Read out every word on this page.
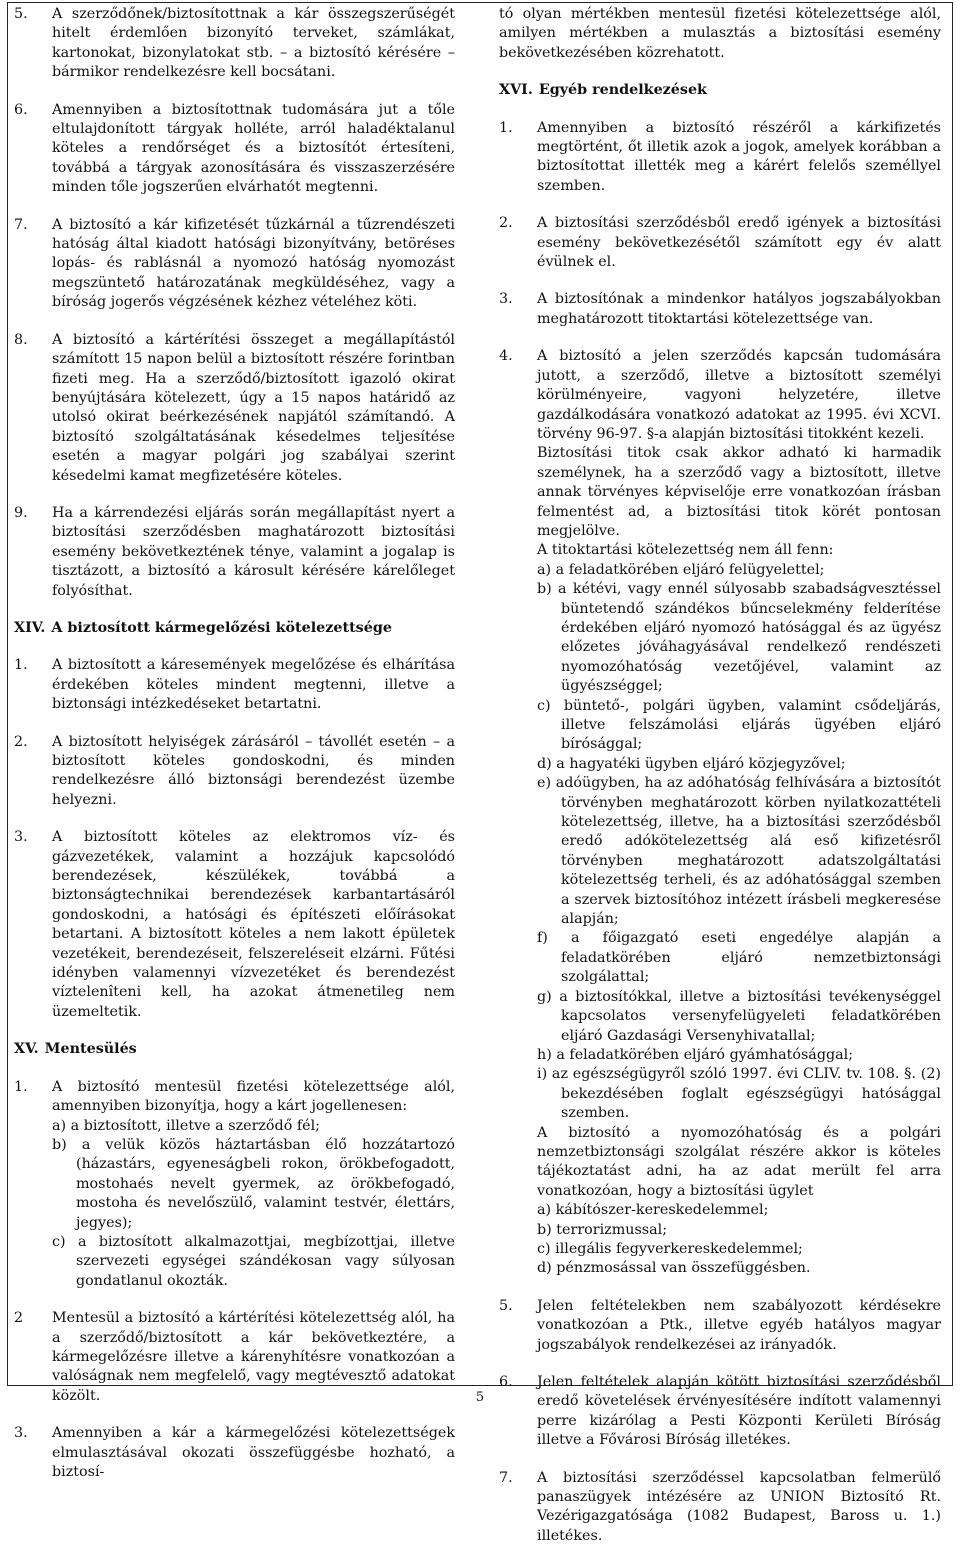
5.	A szerződőnek/biztosítottnak a kár összegszerűségét hitelt érdemlően bizonyító terveket, számlákat, kartonokat, bizonylatokat stb. – a biztosító kérésére – bármikor rendelkezésre kell bocsátani.
6.	Amennyiben a biztosítottnak tudomására jut a tőle eltulajdonított tárgyak holléte, arról haladéktalanul köteles a rendőrséget és a biztosítót értesíteni, továbbá a tárgyak azonosítására és visszaszerzésére minden tőle jogszerűen elvárhatót megtenni.
7.	A biztosító a kár kifizetését tűzkárnál a tűzrendészeti hatóság által kiadott hatósági bizonyítvány, betöréses lopás- és rablásnál a nyomozó hatóság nyomozást megszüntető határozatának megküldéséhez, vagy a bíróság jogerős végzésének kézhez vételéhez köti.
8.	A biztosító a kártérítési összeget a megállapítástól számított 15 napon belül a biztosított részére forintban fizeti meg. Ha a szerződő/biztosított igazoló okirat benyújtására kötelezett, úgy a 15 napos határidő az utolsó okirat beérkezésének napjától számítandó. A biztosító szolgáltatásának késedelmes teljesítése esetén a magyar polgári jog szabályai szerint késedelmi kamat megfizetésére köteles.
9.	Ha a kárrendezési eljárás során megállapítást nyert a biztosítási szerződésben maghatározott biztosítási esemény bekövetkeztének ténye, valamint a jogalap is tisztázott, a biztosító a károsult kérésére kárelőleget folyósíthat.
XIV. A biztosított kármegelőzési kötelezettsége
1.	A biztosított a káresemények megelőzése és elhárítása érdekében köteles mindent megtenni, illetve a biztonsági intézkedéseket betartatni.
2.	A biztosított helyiségek zárásáról – távollét esetén – a biztosított köteles gondoskodni, és minden rendelkezésre álló biztonsági berendezést üzembe helyezni.
3.	A biztosított köteles az elektromos víz- és gázvezetékek, valamint a hozzájuk kapcsolódó berendezések, készülékek, továbbá a biztonságtechnikai berendezések karbantartásáról gondoskodni, a hatósági és építészeti előírásokat betartani. A biztosított köteles a nem lakott épületek vezetékeit, berendezéseit, felszereléseit elzárni. Fűtési idényben valamennyi vízvezetéket és berendezést víztelenîteni kell, ha azokat átmenetileg nem üzemeltetik.
XV. Mentesülés
1.	A biztosító mentesül fizetési kötelezettsége alól, amennyiben bizonyítja, hogy a kárt jogellenesen:

a) a biztosított, illetve a szerződő fél;

b) a velük közös háztartásban élő hozzátartozó (házastárs, egyeneságbeli rokon, örökbefogadott, mostohaés nevelt gyermek, az örökbefogadó, mostoha és nevelőszülő, valamint testvér, élettárs, jegyes);

c) a biztosított alkalmazottjai, megbízottjai, illetve szervezeti egységei szándékosan vagy súlyosan gondatlanul okozták.

2	Mentesül a biztosító a kártérítési kötelezettség alól, ha a szerződő/biztosított a kár bekövetkeztére, a kármegelőzésre illetve a kárenyhítésre vonatkozóan a valóságnak nem megfelelő, vagy megtévesztő adatokat közölt.
3.	Amennyiben a kár a kármegelőzési kötelezettségek elmulasztásával okozati összefüggésbe hozható, a biztosí-

tó olyan mértékben mentesül fizetési kötelezettsége alól, amilyen mértékben a mulasztás a biztosítási esemény bekövetkezésében közrehatott.

XVI. Egyéb rendelkezések
1.	Amennyiben a biztosító részéről a kárkifizetés megtörtént, őt illetik azok a jogok, amelyek korábban a biztosítottat illették meg a kárért felelős személlyel szemben.
2.	A biztosítási szerződésből eredő igények a biztosítási esemény bekövetkezésétől számított egy év alatt évülnek el.
3.	A biztosítónak a mindenkor hatályos jogszabályokban meghatározott titoktartási kötelezettsége van.
4.	A biztosító a jelen szerződés kapcsán tudomására jutott, a szerződő, illetve a biztosított személyi körülményeire, vagyoni helyzetére, illetve gazdálkodására vonatkozó adatokat az 1995. évi XCVI. törvény 96-97. §-a alapján biztosítási titokként kezeli.

Biztosítási titok csak akkor adható ki harmadik személynek, ha a szerződő vagy a biztosított, illetve annak törvényes képviselője erre vonatkozóan írásban felmentést ad, a biztosítási titok körét pontosan megjelölve.

A titoktartási kötelezettség nem áll fenn:

a) a feladatkörében eljáró felügyelettel;

b) a kétévi, vagy ennél súlyosabb szabadságvesztéssel büntetendő szándékos bűncselekmény felderítése érdekében eljáró nyomozó hatósággal és az ügyész előzetes jóváhagyásával rendelkező rendészeti nyomozóhatóság vezetőjével, valamint az ügyészséggel;

c) büntető-, polgári ügyben, valamint csődeljárás, illetve felszámolási eljárás ügyében eljáró bírósággal;

d) a hagyatéki ügyben eljáró közjegyzővel;

e) adóügyben, ha az adóhatóság felhívására a biztosítót törvényben meghatározott körben nyilatkozattételi kötelezettség, illetve, ha a biztosítási szerződésből eredő adókötelezettség alá eső kifizetésről törvényben meghatározott adatszolgáltatási kötelezettség terheli, és az adóhatósággal szemben a szervek biztosítóhoz intézett írásbeli megkeresése alapján;

f) a főigazgató eseti engedélye alapján a feladatkörében eljáró nemzetbiztonsági szolgálattal;

g) a biztosítókkal, illetve a biztosítási tevékenységgel kapcsolatos versenyfelügyeleti feladatkörében eljáró Gazdasági Versenyhivatallal;

h) a feladatkörében eljáró gyámhatósággal;

i) az egészségügyről szóló 1997. évi CLIV. tv. 108. §. (2) bekezdésében foglalt egészségügyi hatósággal szemben.

A biztosító a nyomozóhatóság és a polgári nemzetbiztonsági szolgálat részére akkor is köteles tájékoztatást adni, ha az adat merült fel arra vonatkozóan, hogy a biztosítási ügylet

a) kábítószer-kereskedelemmel;

b) terrorizmussal;

c) illegális fegyverkereskedelemmel;

d) pénzmosással van összefüggésben.

5.	Jelen feltételekben nem szabályozott kérdésekre vonatkozóan a Ptk., illetve egyéb hatályos magyar jogszabályok rendelkezései az irányadók.
6.	Jelen feltételek alapján kötött biztosítási szerződésből eredő követelések érvényesítésére indított valamennyi perre kizárólag a Pesti Központi Kerületi Bíróság illetve a Fővárosi Bíróság illetékes.
7.	A biztosítási szerződéssel kapcsolatban felmerülő panaszügyek intézésére az UNION Biztosító Rt. Vezérigazgatósága (1082 Budapest, Baross u. 1.) illetékes.
5
